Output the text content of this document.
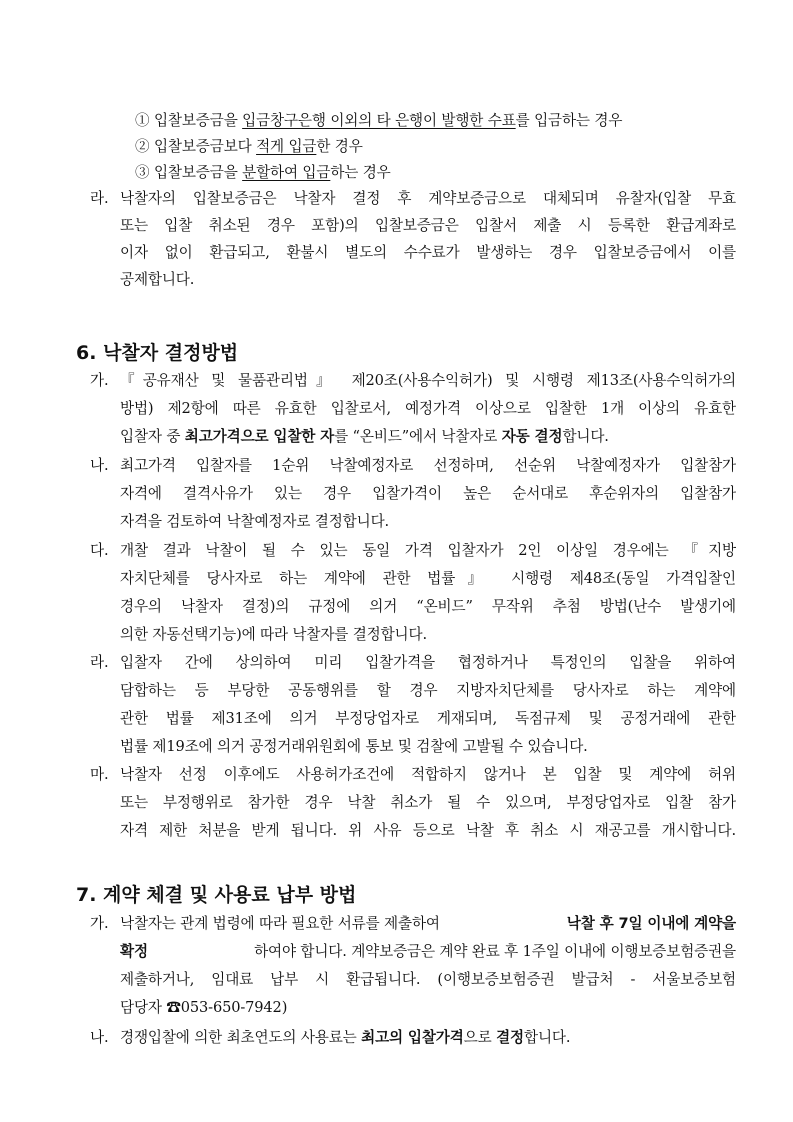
① 입찰보증금을 입금창구은행 이외의 타 은행이 발행한 수표를 입금하는 경우
② 입찰보증금보다 적게 입금한 경우
③ 입찰보증금을 분할하여 입금하는 경우
라. 낙찰자의 입찰보증금은 낙찰자 결정 후 계약보증금으로 대체되며 유찰자(입찰 무효
또는 입찰 취소된 경우 포함)의 입찰보증금은 입찰서 제출 시 등록한 환급계좌로
이자 없이 환급되고, 환불시 별도의 수수료가 발생하는 경우 입찰보증금에서 이를
공제합니다.
6. 낙찰자 결정방법
가. 『공유재산 및 물품관리법』 제20조(사용수익허가) 및 시행령 제13조(사용수익허가의
방법) 제2항에 따른 유효한 입찰로서, 예정가격 이상으로 입찰한 1개 이상의 유효한
입찰자 중 최고가격으로 입찰한 자를 “온비드”에서 낙찰자로 자동 결정합니다.
나. 최고가격 입찰자를 1순위 낙찰예정자로 선정하며, 선순위 낙찰예정자가 입찰참가
자격에 결격사유가 있는 경우 입찰가격이 높은 순서대로 후순위자의 입찰참가
자격을 검토하여 낙찰예정자로 결정합니다.
다. 개찰 결과 낙찰이 될 수 있는 동일 가격 입찰자가 2인 이상일 경우에는 『지방
자치단체를 당사자로 하는 계약에 관한 법률』 시행령 제48조(동일 가격입찰인
경우의 낙찰자 결정)의 규정에 의거 “온비드” 무작위 추첨 방법(난수 발생기에
의한 자동선택기능)에 따라 낙찰자를 결정합니다.
라. 입찰자 간에 상의하여 미리 입찰가격을 협정하거나 특정인의 입찰을 위하여
담합하는 등 부당한 공동행위를 할 경우 지방자치단체를 당사자로 하는 계약에
관한 법률 제31조에 의거 부정당업자로 게재되며, 독점규제 및 공정거래에 관한
법률 제19조에 의거 공정거래위원회에 통보 및 검찰에 고발될 수 있습니다.
마. 낙찰자 선정 이후에도 사용허가조건에 적합하지 않거나 본 입찰 및 계약에 허위
또는 부정행위로 참가한 경우 낙찰 취소가 될 수 있으며, 부정당업자로 입찰 참가
자격 제한 처분을 받게 됩니다. 위 사유 등으로 낙찰 후 취소 시 재공고를 개시합니다.
7. 계약 체결 및 사용료 납부 방법
가. 낙찰자는 관계 법령에 따라 필요한 서류를 제출하여	낙찰 후 7일 이내에 계약을
확정	하여야 합니다. 계약보증금은 계약 완료 후 1주일 이내에 이행보증보험증권을
제출하거나, 임대료 납부 시 환급됩니다. (이행보증보험증권 발급처 - 서울보증보험
담당자 ☎053-650-7942)
나. 경쟁입찰에 의한 최초연도의 사용료는 최고의 입찰가격으로 결정합니다.
